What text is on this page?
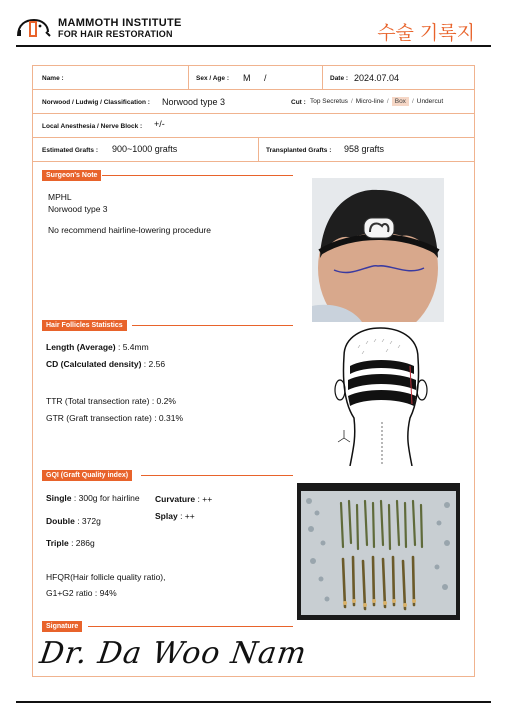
MAMMOTH INSTITUTE
FOR HAIR RESTORATION	수술 기록지
Name :	Sex / Age : M /	Date : 2024.07.04
Norwood / Ludwig / Classification : Norwood type 3	Cut : Top Secretus / Micro-line / Box / Undercut
Local Anesthesia / Nerve Block : +/-
Estimated Grafts : 900~1000 grafts	Transplanted Grafts : 958 grafts
Surgeon's Note
MPHL
Norwood type 3
No recommend hairline-lowering procedure
Hair Follicles Statistics
Length (Average) : 5.4mm
CD (Calculated density) : 2.56
TTR (Total transection rate) : 0.2%
GTR (Graft transection rate) : 0.31%
GQI (Graft Quality index)
Single : 300g for hairline Curvature : ++
Splay : ++
Double : 372g
Triple : 286g
HFQR(Hair follicle quality ratio),
G1+G2 ratio : 94%
Signature
Dr. Da Woo Nam
